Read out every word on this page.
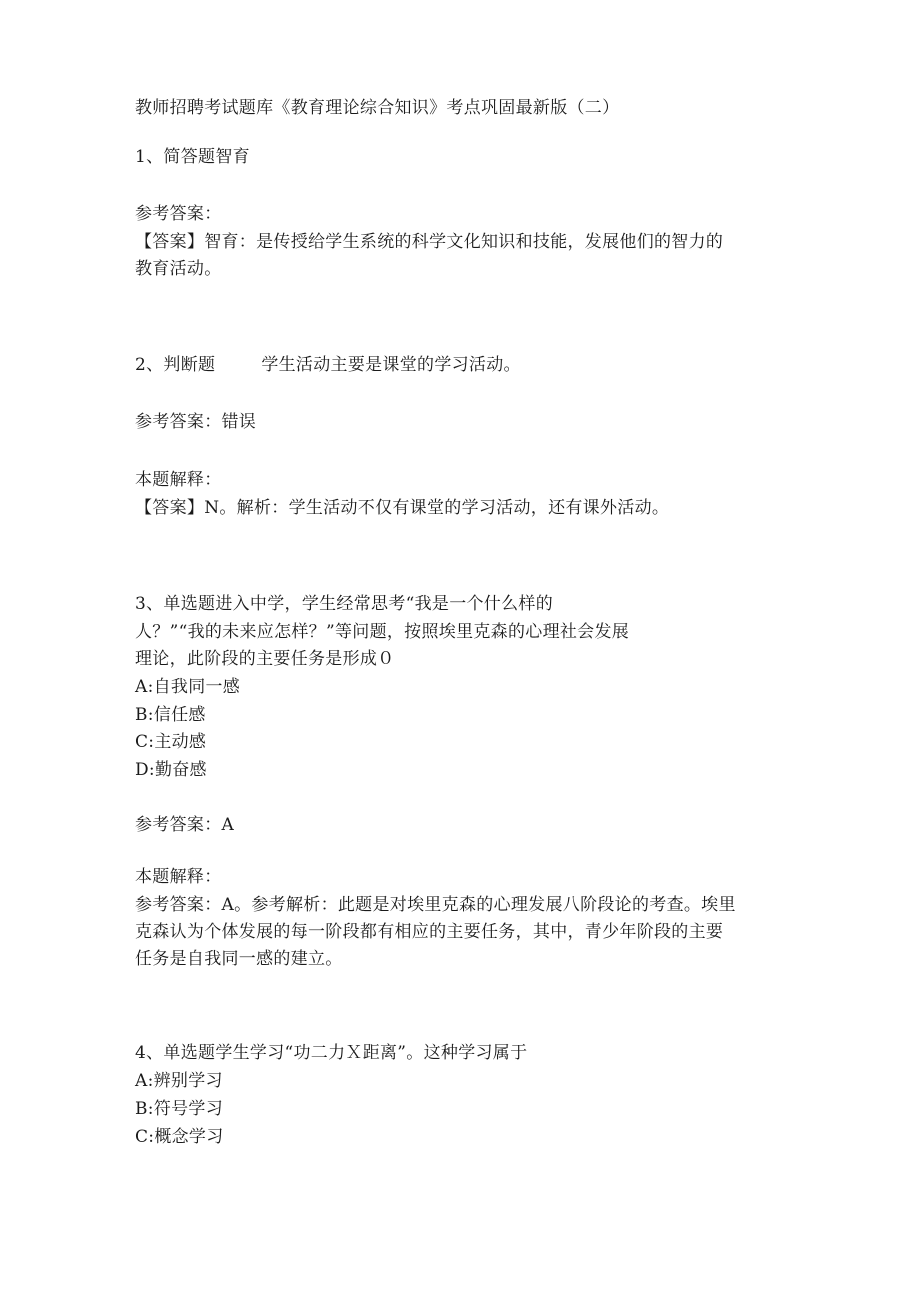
教师招聘考试题库《教育理论综合知识》考点巩固最新版（二）
1、简答题智育
参考答案：
【答案】智育：是传授给学生系统的科学文化知识和技能，发展他们的智力的
教育活动。
2、判断题	学生活动主要是课堂的学习活动。
参考答案：错误
本题解释：
【答案】N。解析：学生活动不仅有课堂的学习活动，还有课外活动。
3、单选题进入中学，学生经常思考“我是一个什么样的
人？”“我的未来应怎样？”等问题，按照埃里克森的心理社会发展
理论，此阶段的主要任务是形成０
A:自我同一感
B:信任感
C:主动感
D:勤奋感
参考答案：A
本题解释：
参考答案：A。参考解析：此题是对埃里克森的心理发展八阶段论的考查。埃里
克森认为个体发展的每一阶段都有相应的主要任务，其中，青少年阶段的主要
任务是自我同一感的建立。
4、单选题学生学习“功二力Ｘ距离”。这种学习属于
A:辨别学习
B:符号学习
C:概念学习
